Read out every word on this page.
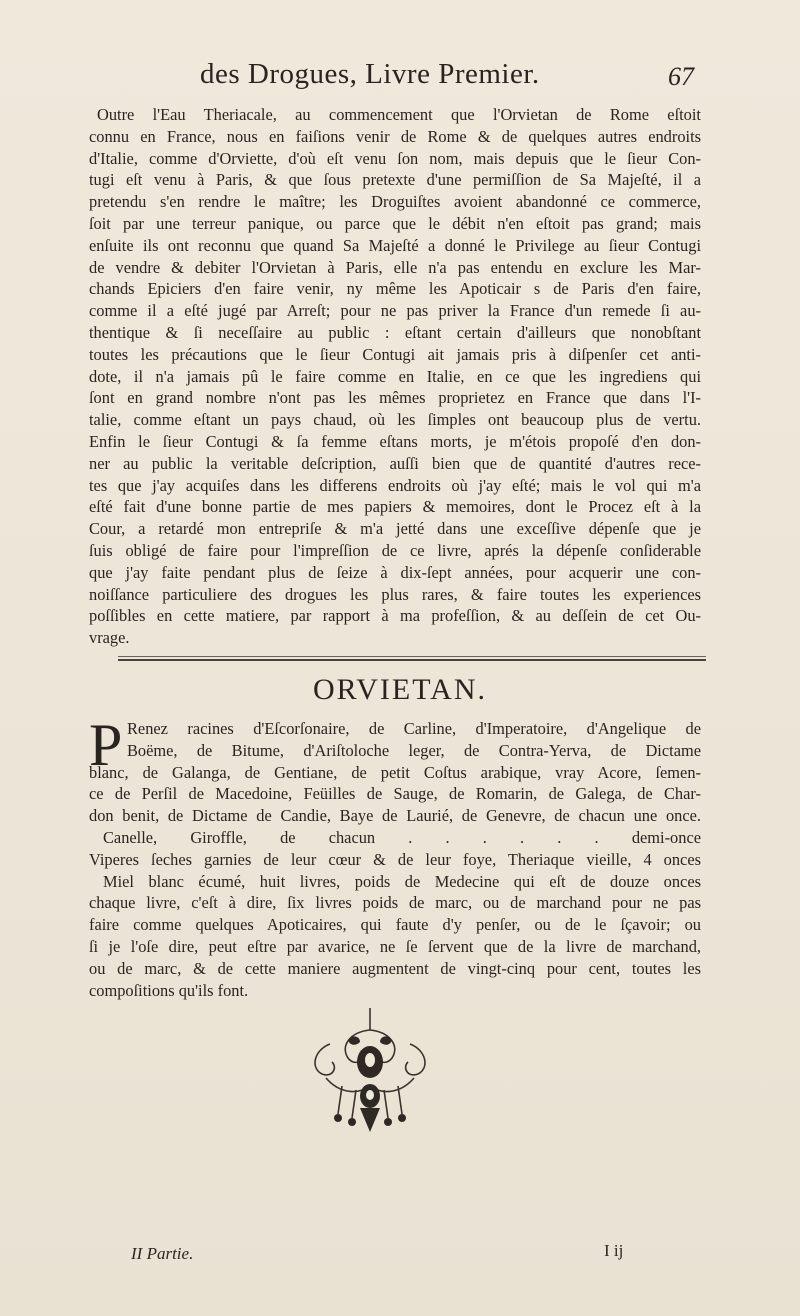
des Drogues, Livre Premier.	67
Outre l'Eau Theriacale, au commencement que l'Orvietan de Rome eſtoit
connu en France, nous en faiſions venir de Rome & de quelques autres endroits
d'Italie, comme d'Orviette, d'où eſt venu ſon nom, mais depuis que le ſieur Con-
tugi eſt venu à Paris, & que ſous pretexte d'une permiſſion de Sa Majeſté, il a
pretendu s'en rendre le maître; les Droguiſtes avoient abandonné ce commerce,
ſoit par une terreur panique, ou parce que le débit n'en eſtoit pas grand; mais
enſuite ils ont reconnu que quand Sa Majeſté a donné le Privilege au ſieur Contugi
de vendre & debiter l'Orvietan à Paris, elle n'a pas entendu en exclure les Mar-
chands Epiciers d'en faire venir, ny même les Apoticair s de Paris d'en faire,
comme il a eſté jugé par Arreſt; pour ne pas priver la France d'un remede ſi au-
thentique & ſi neceſſaire au public : eſtant certain d'ailleurs que nonobſtant
toutes les précautions que le ſieur Contugi ait jamais pris à diſpenſer cet anti-
dote, il n'a jamais pû le faire comme en Italie, en ce que les ingrediens qui
ſont en grand nombre n'ont pas les mêmes proprietez en France que dans l'I-
talie, comme eſtant un pays chaud, où les ſimples ont beaucoup plus de vertu.
Enfin le ſieur Contugi & ſa femme eſtans morts, je m'étois propoſé d'en don-
ner au public la veritable deſcription, auſſi bien que de quantité d'autres rece-
tes que j'ay acquiſes dans les differens endroits où j'ay eſté; mais le vol qui m'a
eſté fait d'une bonne partie de mes papiers & memoires, dont le Procez eſt à la
Cour, a retardé mon entrepriſe & m'a jetté dans une exceſſive dépenſe que je
ſuis obligé de faire pour l'impreſſion de ce livre, aprés la dépenſe conſiderable
que j'ay faite pendant plus de ſeize à dix-ſept années, pour acquerir une con-
noiſſance particuliere des drogues les plus rares, & faire toutes les experiences
poſſibles en cette matiere, par rapport à ma profeſſion, & au deſſein de cet Ou-
vrage.
ORVIETAN.
P Renez racines d'Eſcorſonaire, de Carline, d'Imperatoire, d'Angelique de
Boëme, de Bitume, d'Ariſtoloche leger, de Contra-Yerva, de Dictame
blanc, de Galanga, de Gentiane, de petit Coſtus arabique, vray Acore, ſemen-
ce de Perſil de Macedoine, Feüilles de Sauge, de Romarin, de Galega, de Char-
don benit, de Dictame de Candie, Baye de Laurié, de Genevre, de chacun une once.
Canelle, Giroffle, de chacun . . . . . . demi-once
Viperes ſeches garnies de leur cœur & de leur foye, Theriaque vieille, 4 onces
Miel blanc écumé, huit livres, poids de Medecine qui eſt de douze onces
chaque livre, c'eſt à dire, ſix livres poids de marc, ou de marchand pour ne pas
faire comme quelques Apoticaires, qui faute d'y penſer, ou de le ſçavoir; ou
ſi je l'oſe dire, peut eſtre par avarice, ne ſe ſervent que de la livre de marchand,
ou de marc, & de cette maniere augmentent de vingt-cinq pour cent, toutes les
compoſitions qu'ils font.
II Partie.	I ij
